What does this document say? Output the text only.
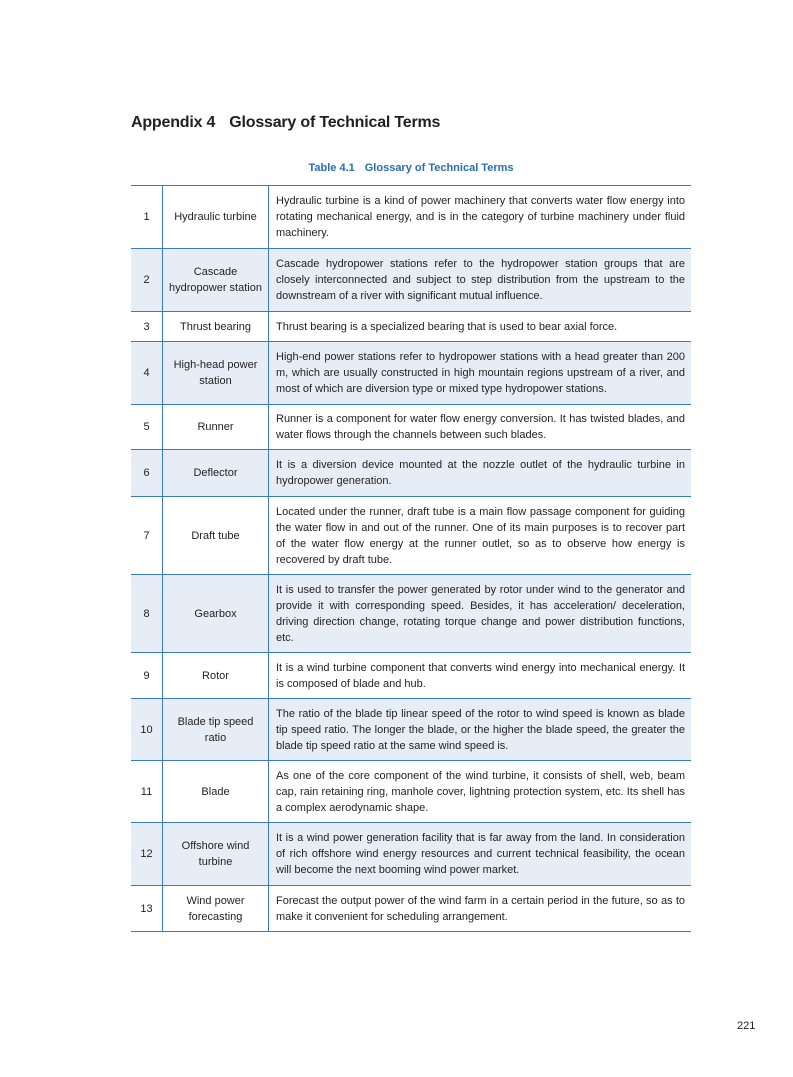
Appendix 4 Glossary of Technical Terms
Table 4.1 Glossary of Technical Terms
1	Hydraulic turbine	Hydraulic turbine is a kind of power machinery that converts water flow energy into rotating mechanical energy, and is in the category of turbine machinery under fluid machinery.
2	Cascade hydropower station	Cascade hydropower stations refer to the hydropower station groups that are closely interconnected and subject to step distribution from the upstream to the downstream of a river with significant mutual influence.
3	Thrust bearing	Thrust bearing is a specialized bearing that is used to bear axial force.
4	High-head power station	High-end power stations refer to hydropower stations with a head greater than 200 m, which are usually constructed in high mountain regions upstream of a river, and most of which are diversion type or mixed type hydropower stations.
5	Runner	Runner is a component for water flow energy conversion. It has twisted blades, and water flows through the channels between such blades.
6	Deflector	It is a diversion device mounted at the nozzle outlet of the hydraulic turbine in hydropower generation.
7	Draft tube	Located under the runner, draft tube is a main flow passage component for guiding the water flow in and out of the runner. One of its main purposes is to recover part of the water flow energy at the runner outlet, so as to observe how energy is recovered by draft tube.
8	Gearbox	It is used to transfer the power generated by rotor under wind to the generator and provide it with corresponding speed. Besides, it has acceleration/ deceleration, driving direction change, rotating torque change and power distribution functions, etc.
9	Rotor	It is a wind turbine component that converts wind energy into mechanical energy. It is composed of blade and hub.
10	Blade tip speed ratio	The ratio of the blade tip linear speed of the rotor to wind speed is known as blade tip speed ratio. The longer the blade, or the higher the blade speed, the greater the blade tip speed ratio at the same wind speed is.
11	Blade	As one of the core component of the wind turbine, it consists of shell, web, beam cap, rain retaining ring, manhole cover, lightning protection system, etc. Its shell has a complex aerodynamic shape.
12	Offshore wind turbine	It is a wind power generation facility that is far away from the land. In consideration of rich offshore wind energy resources and current technical feasibility, the ocean will become the next booming wind power market.
13	Wind power forecasting	Forecast the output power of the wind farm in a certain period in the future, so as to make it convenient for scheduling arrangement.
221
